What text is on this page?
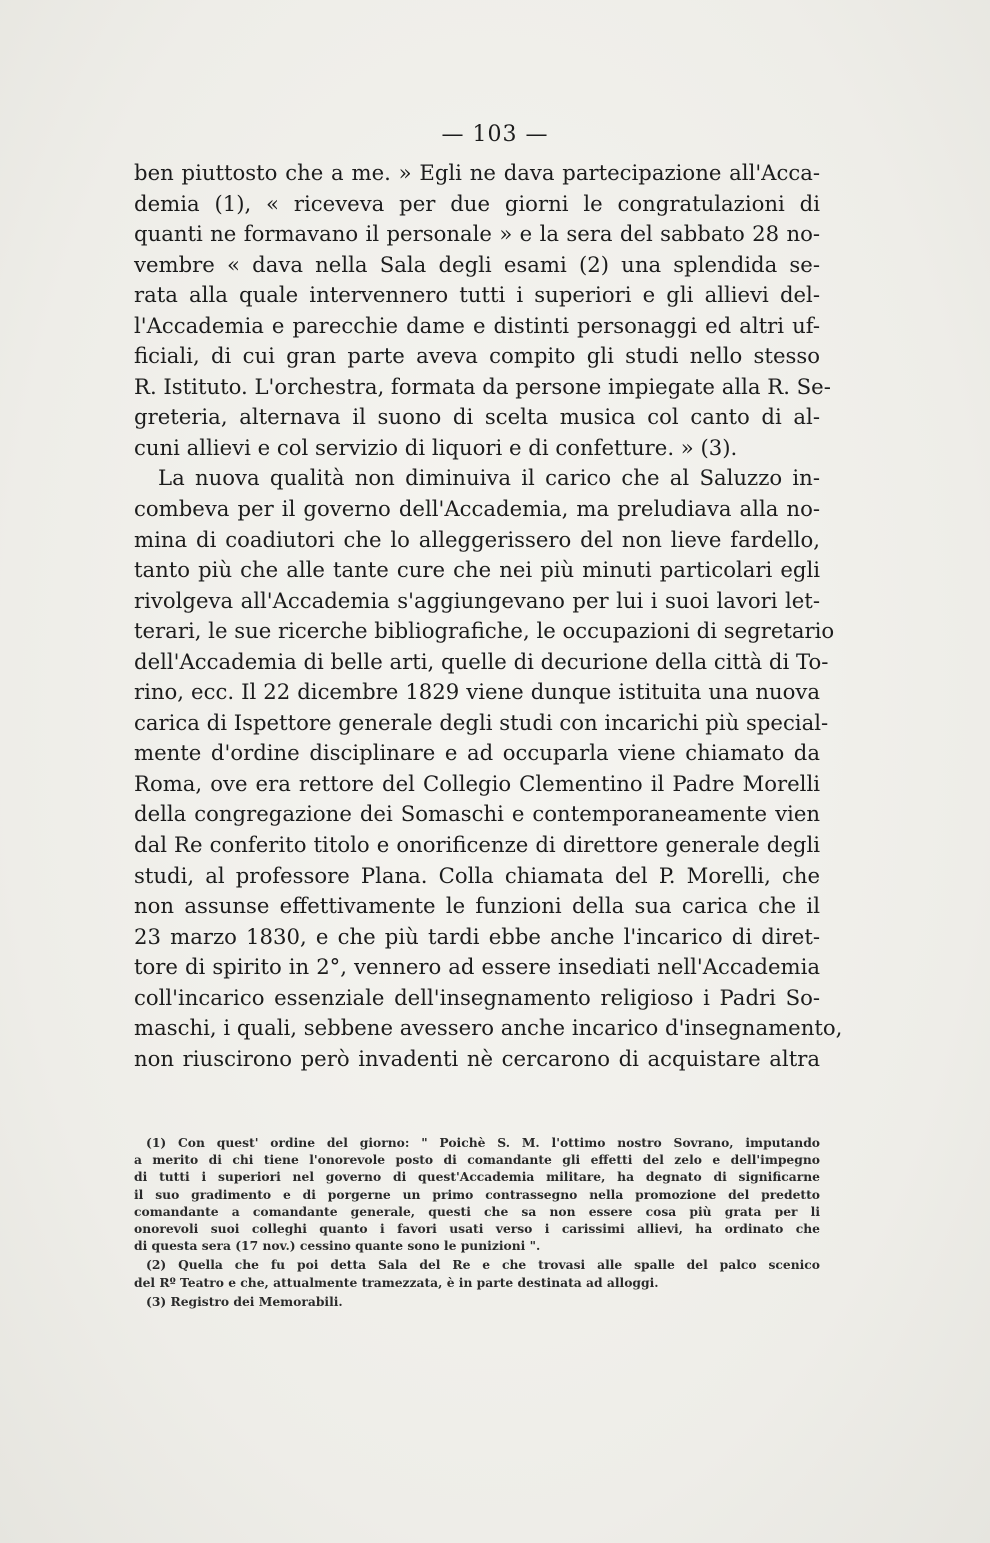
— 103 —
ben piuttosto che a me. » Egli ne dava partecipazione all'Acca-
demia (1), « riceveva per due giorni le congratulazioni di
quanti ne formavano il personale » e la sera del sabbato 28 no-
vembre « dava nella Sala degli esami (2) una splendida se-
rata alla quale intervennero tutti i superiori e gli allievi del-
l'Accademia e parecchie dame e distinti personaggi ed altri uf-
ficiali, di cui gran parte aveva compito gli studi nello stesso
R. Istituto. L'orchestra, formata da persone impiegate alla R. Se-
greteria, alternava il suono di scelta musica col canto di al-
cuni allievi e col servizio di liquori e di confetture. » (3).
La nuova qualità non diminuiva il carico che al Saluzzo in-
combeva per il governo dell'Accademia, ma preludiava alla no-
mina di coadiutori che lo alleggerissero del non lieve fardello,
tanto più che alle tante cure che nei più minuti particolari egli
rivolgeva all'Accademia s'aggiungevano per lui i suoi lavori let-
terari, le sue ricerche bibliografiche, le occupazioni di segretario
dell'Accademia di belle arti, quelle di decurione della città di To-
rino, ecc. Il 22 dicembre 1829 viene dunque istituita una nuova
carica di Ispettore generale degli studi con incarichi più special-
mente d'ordine disciplinare e ad occuparla viene chiamato da
Roma, ove era rettore del Collegio Clementino il Padre Morelli
della congregazione dei Somaschi e contemporaneamente vien
dal Re conferito titolo e onorificenze di direttore generale degli
studi, al professore Plana. Colla chiamata del P. Morelli, che
non assunse effettivamente le funzioni della sua carica che il
23 marzo 1830, e che più tardi ebbe anche l'incarico di diret-
tore di spirito in 2°, vennero ad essere insediati nell'Accademia
coll'incarico essenziale dell'insegnamento religioso i Padri So-
maschi, i quali, sebbene avessero anche incarico d'insegnamento,
non riuscirono però invadenti nè cercarono di acquistare altra
(1) Con quest' ordine del giorno: " Poichè S. M. l'ottimo nostro Sovrano, imputando
a merito di chi tiene l'onorevole posto di comandante gli effetti del zelo e dell'impegno
di tutti i superiori nel governo di quest'Accademia militare, ha degnato di significarne
il suo gradimento e di porgerne un primo contrassegno nella promozione del predetto
comandante a comandante generale, questi che sa non essere cosa più grata per li
onorevoli suoi colleghi quanto i favori usati verso i carissimi allievi, ha ordinato che
di questa sera (17 nov.) cessino quante sono le punizioni ".
(2) Quella che fu poi detta Sala del Re e che trovasi alle spalle del palco scenico
del Rº Teatro e che, attualmente tramezzata, è in parte destinata ad alloggi.
(3) Registro dei Memorabili.
